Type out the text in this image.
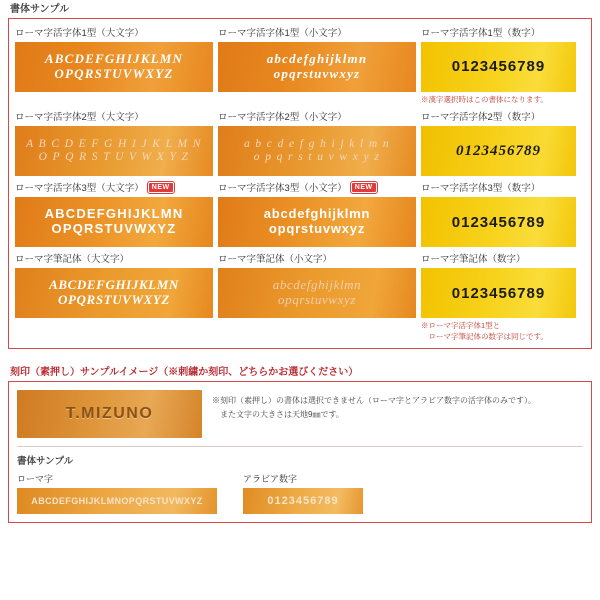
書体サンプル
ローマ字活字体1型（大文字）
ABCDEFGHIJKLMN
OPQRSTUVWXYZ
ローマ字活字体1型（小文字）
abcdefghijklmn
opqrstuvwxyz
ローマ字活字体1型（数字）
0123456789
※漢字選択時はこの書体になります。
ローマ字活字体2型（大文字）
A B C D E F G H I J K L M N
O P Q R S T U V W X Y Z
ローマ字活字体2型（小文字）
a b c d e f g h i j k l m n
o p q r s t u v w x y z
ローマ字活字体2型（数字）
0123456789
ローマ字活字体3型（大文字）	NEW
ABCDEFGHIJKLMN
OPQRSTUVWXYZ
ローマ字活字体3型（小文字）	NEW
abcdefghijklmn
opqrstuvwxyz
ローマ字活字体3型（数字）
0123456789
ローマ字筆記体（大文字）
ABCDEFGHIJKLMN
OPQRSTUVWXYZ
ローマ字筆記体（小文字）
abcdefghijklmn
opqrstuvwxyz
ローマ字筆記体（数字）
0123456789
※ローマ字活字体1型と
　ローマ字筆記体の数字は同じです。
刻印（素押し）サンプルイメージ（※刺繍か刻印、どちらかお選びください）
T.MIZUNO
※刻印（素押し）の書体は選択できません（ローマ字とアラビア数字の活字体のみです）。
　また文字の大きさは天地9㎜です。
書体サンプル
ローマ字
ABCDEFGHIJKLMNOPQRSTUVWXYZ
アラビア数字
0123456789
